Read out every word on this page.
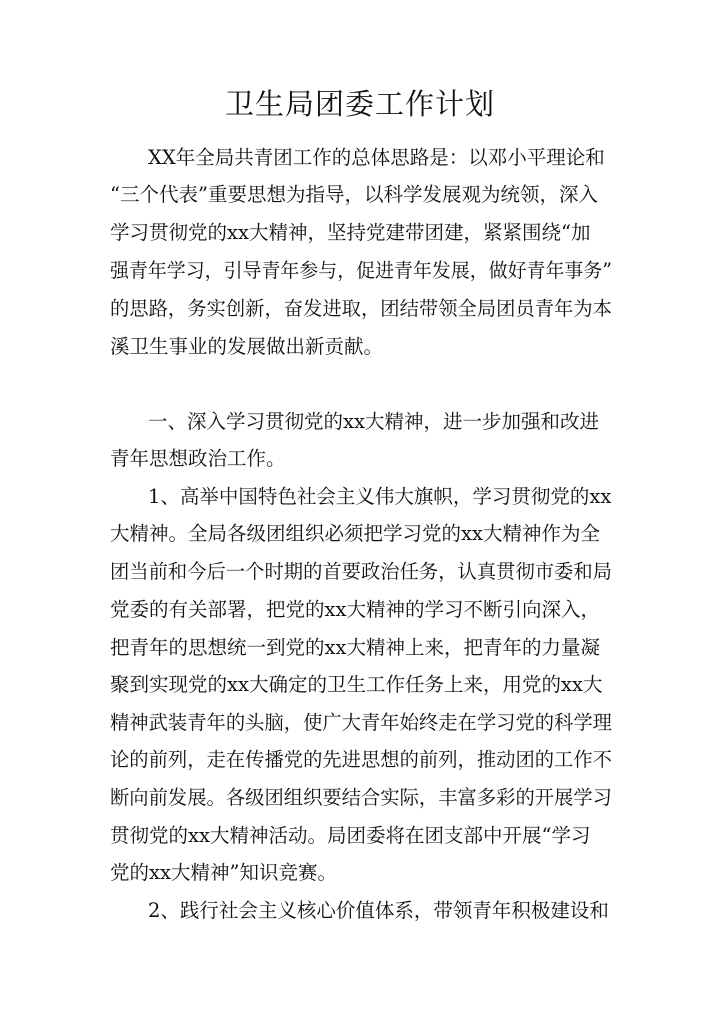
卫生局团委工作计划

XX年全局共青团工作的总体思路是：以邓小平理论和

“三个代表”重要思想为指导，以科学发展观为统领，深入

学习贯彻党的xx大精神，坚持党建带团建，紧紧围绕“加

强青年学习，引导青年参与，促进青年发展，做好青年事务”

的思路，务实创新，奋发进取，团结带领全局团员青年为本

溪卫生事业的发展做出新贡献。

一、深入学习贯彻党的xx大精神，进一步加强和改进

青年思想政治工作。

1、高举中国特色社会主义伟大旗帜，学习贯彻党的xx

大精神。全局各级团组织必须把学习党的xx大精神作为全

团当前和今后一个时期的首要政治任务，认真贯彻市委和局

党委的有关部署，把党的xx大精神的学习不断引向深入，

把青年的思想统一到党的xx大精神上来，把青年的力量凝

聚到实现党的xx大确定的卫生工作任务上来，用党的xx大

精神武装青年的头脑，使广大青年始终走在学习党的科学理

论的前列，走在传播党的先进思想的前列，推动团的工作不

断向前发展。各级团组织要结合实际，丰富多彩的开展学习

贯彻党的xx大精神活动。局团委将在团支部中开展“学习

党的xx大精神”知识竞赛。

2、践行社会主义核心价值体系，带领青年积极建设和
